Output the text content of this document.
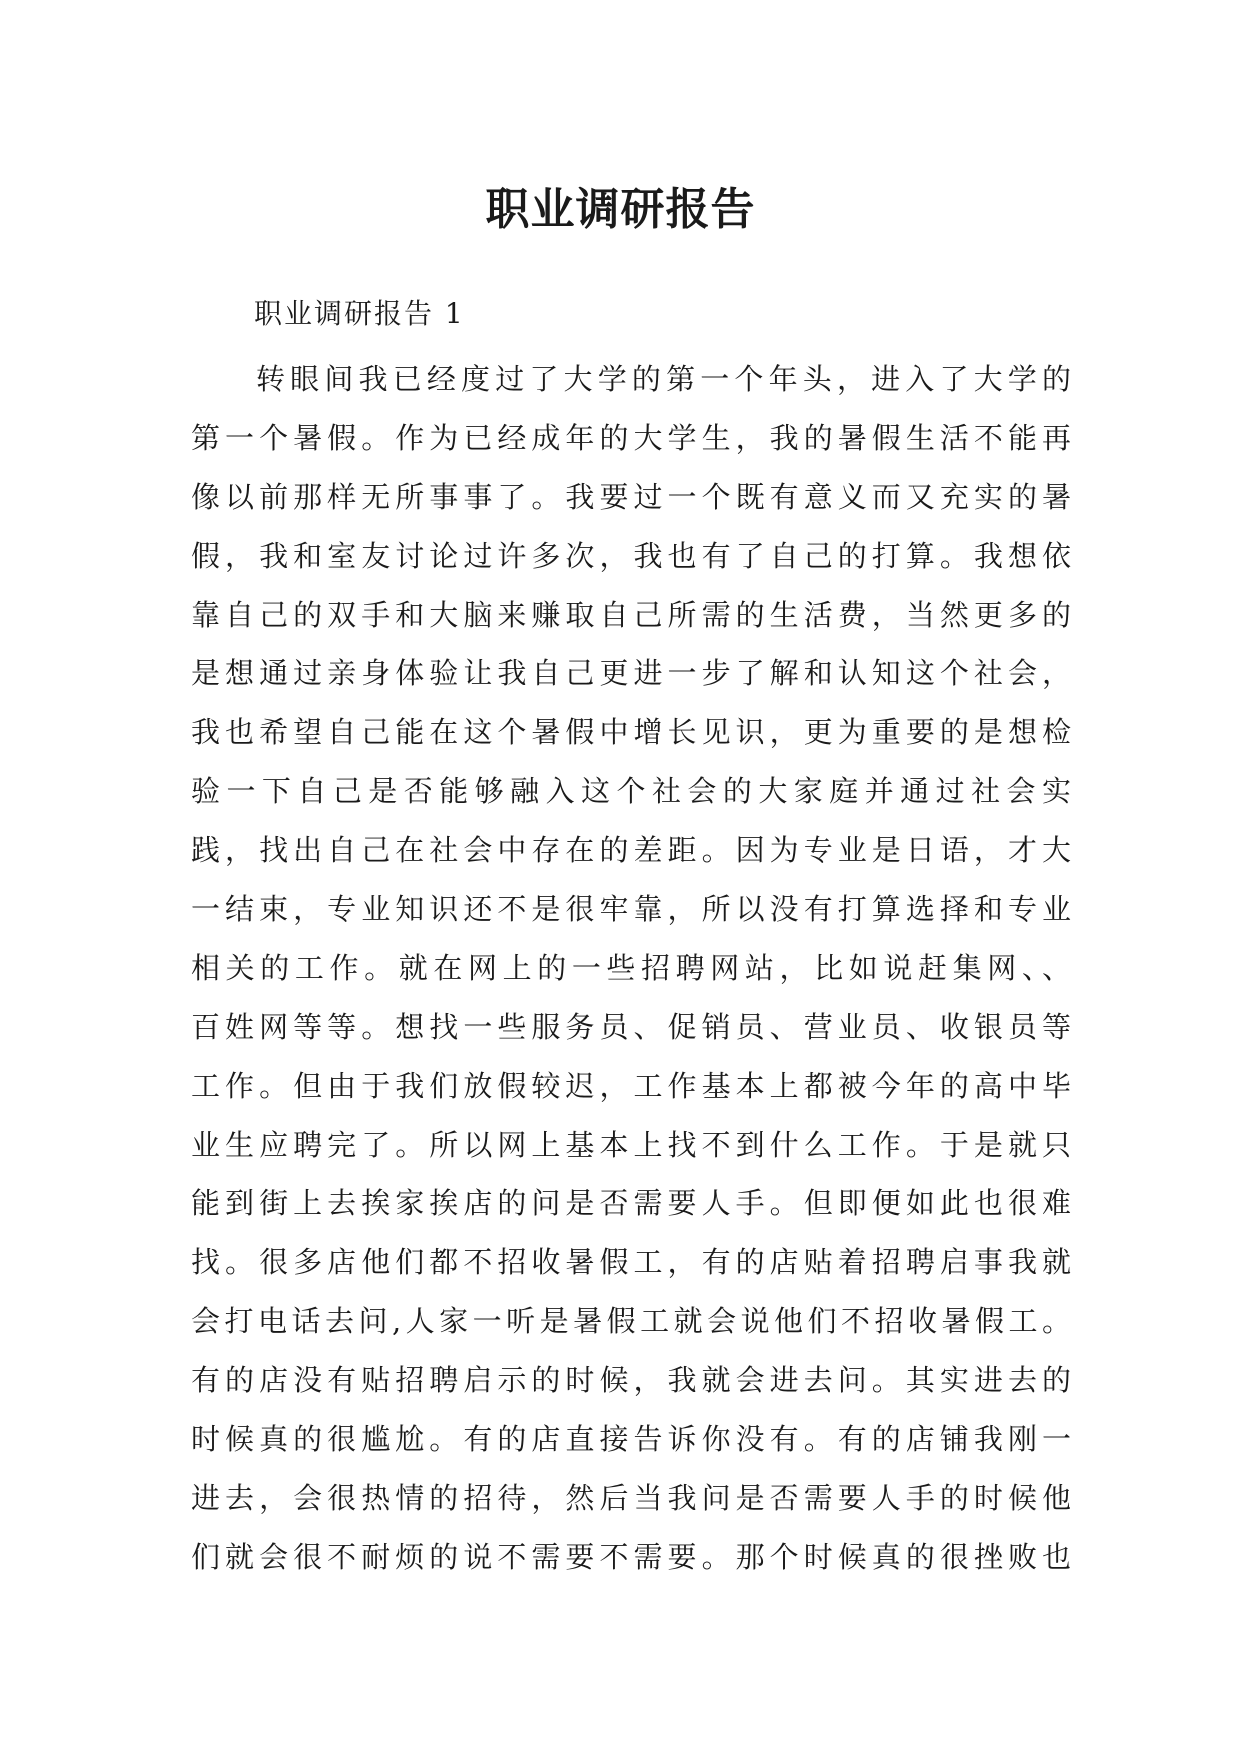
职业调研报告
职业调研报告 1
转眼间我已经度过了大学的第一个年头，进入了大学的
第一个暑假。作为已经成年的大学生，我的暑假生活不能再
像以前那样无所事事了。我要过一个既有意义而又充实的暑
假，我和室友讨论过许多次，我也有了自己的打算。我想依
靠自己的双手和大脑来赚取自己所需的生活费，当然更多的
是想通过亲身体验让我自己更进一步了解和认知这个社会，
我也希望自己能在这个暑假中增长见识，更为重要的是想检
验一下自己是否能够融入这个社会的大家庭并通过社会实
践，找出自己在社会中存在的差距。因为专业是日语，才大
一结束，专业知识还不是很牢靠，所以没有打算选择和专业
相关的工作。就在网上的一些招聘网站，比如说赶集网、、
百姓网等等。想找一些服务员、促销员、营业员、收银员等
工作。但由于我们放假较迟，工作基本上都被今年的高中毕
业生应聘完了。所以网上基本上找不到什么工作。于是就只
能到街上去挨家挨店的问是否需要人手。但即便如此也很难
找。很多店他们都不招收暑假工，有的店贴着招聘启事我就
会打电话去问,人家一听是暑假工就会说他们不招收暑假工。
有的店没有贴招聘启示的时候，我就会进去问。其实进去的
时候真的很尴尬。有的店直接告诉你没有。有的店铺我刚一
进去，会很热情的招待，然后当我问是否需要人手的时候他
们就会很不耐烦的说不需要不需要。那个时候真的很挫败也
